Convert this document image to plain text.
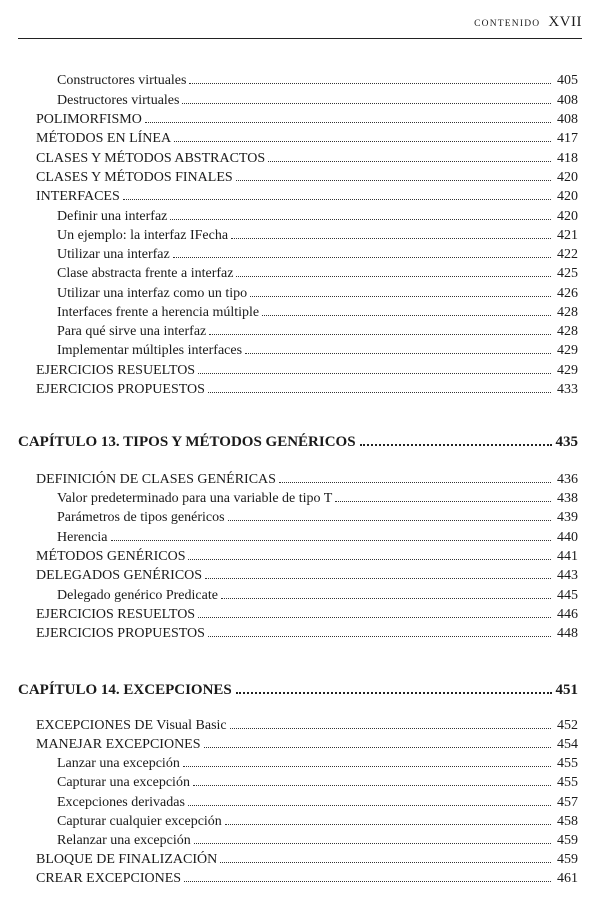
CONTENIDO XVII
Constructores virtuales	405
Destructores virtuales	408
POLIMORFISMO	408
MÉTODOS EN LÍNEA	417
CLASES Y MÉTODOS ABSTRACTOS	418
CLASES Y MÉTODOS FINALES	420
INTERFACES	420
Definir una interfaz	420
Un ejemplo: la interfaz IFecha	421
Utilizar una interfaz	422
Clase abstracta frente a interfaz	425
Utilizar una interfaz como un tipo	426
Interfaces frente a herencia múltiple	428
Para qué sirve una interfaz	428
Implementar múltiples interfaces	429
EJERCICIOS RESUELTOS	429
EJERCICIOS PROPUESTOS	433
CAPÍTULO 13. TIPOS Y MÉTODOS GENÉRICOS	435
DEFINICIÓN DE CLASES GENÉRICAS	436
Valor predeterminado para una variable de tipo T	438
Parámetros de tipos genéricos	439
Herencia	440
MÉTODOS GENÉRICOS	441
DELEGADOS GENÉRICOS	443
Delegado genérico Predicate	445
EJERCICIOS RESUELTOS	446
EJERCICIOS PROPUESTOS	448
CAPÍTULO 14. EXCEPCIONES	451
EXCEPCIONES DE Visual Basic	452
MANEJAR EXCEPCIONES	454
Lanzar una excepción	455
Capturar una excepción	455
Excepciones derivadas	457
Capturar cualquier excepción	458
Relanzar una excepción	459
BLOQUE DE FINALIZACIÓN	459
CREAR EXCEPCIONES	461
